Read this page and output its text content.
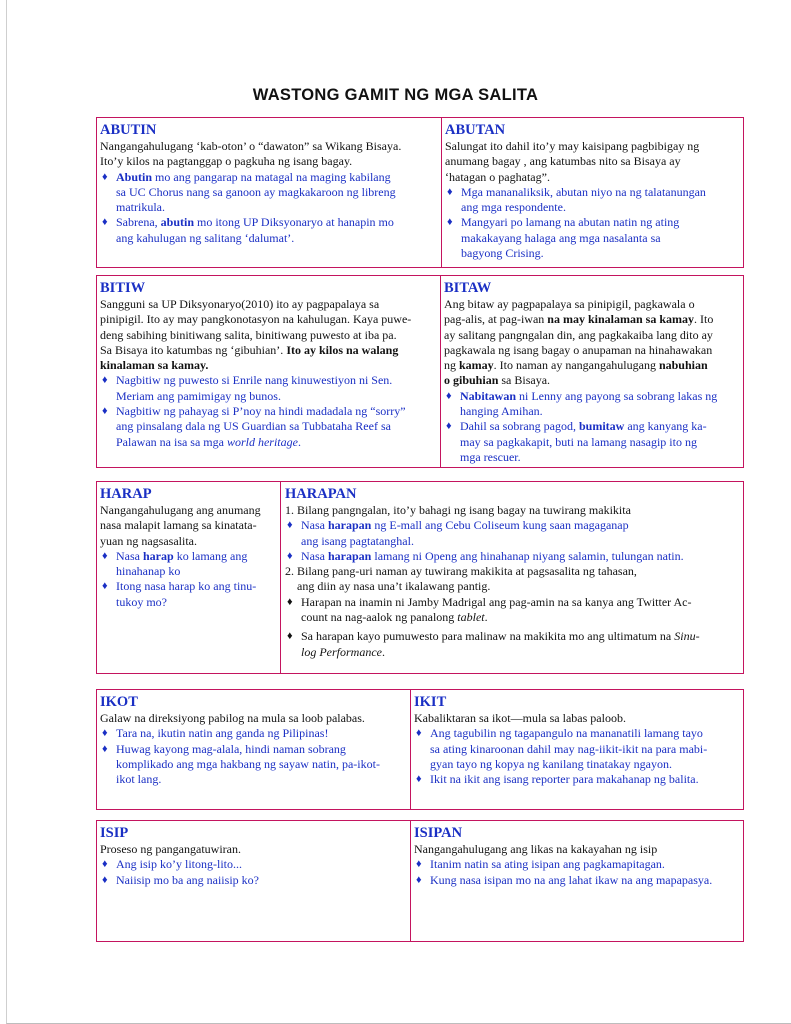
WASTONG GAMIT NG MGA SALITA
ABUTIN
Nangangahulugang ‘kab-oton’ o “dawaton” sa Wikang Bisaya.
Ito’y kilos na pagtanggap o pagkuha ng isang bagay.
♦ Abutin mo ang pangarap na matagal na maging kabilang
sa UC Chorus nang sa ganoon ay magkakaroon ng libreng
matrikula.
♦ Sabrena, abutin mo itong UP Diksyonaryo at hanapin mo
ang kahulugan ng salitang ‘dalumat’.
ABUTAN
Salungat ito dahil ito’y may kaisipang pagbibigay ng
anumang bagay , ang katumbas nito sa Bisaya ay
‘hatagan o paghatag”.
♦ Mga mananaliksik, abutan niyo na ng talatanungan
ang mga respondente.
♦ Mangyari po lamang na abutan natin ng ating
makakayang halaga ang mga nasalanta sa
bagyong Crising.
BITIW
Sangguni sa UP Diksyonaryo(2010) ito ay pagpapalaya sa
pinipigil. Ito ay may pangkonotasyon na kahulugan. Kaya puwe-
deng sabihing binitiwang salita, binitiwang puwesto at iba pa.
Sa Bisaya ito katumbas ng ‘gibuhian’. Ito ay kilos na walang
kinalaman sa kamay.
♦ Nagbitiw ng puwesto si Enrile nang kinuwestiyon ni Sen.
Meriam ang pamimigay ng bunos.
♦ Nagbitiw ng pahayag si P’noy na hindi madadala ng “sorry”
ang pinsalang dala ng US Guardian sa Tubbataha Reef sa
Palawan na isa sa mga world heritage.
BITAW
Ang bitaw ay pagpapalaya sa pinipigil, pagkawala o
pag-alis, at pag-iwan na may kinalaman sa kamay. Ito
ay salitang pangngalan din, ang pagkakaiba lang dito ay
pagkawala ng isang bagay o anupaman na hinahawakan
ng kamay. Ito naman ay nangangahulugang nabuhian
o gibuhian sa Bisaya.
♦ Nabitawan ni Lenny ang payong sa sobrang lakas ng
hanging Amihan.
♦ Dahil sa sobrang pagod, bumitaw ang kanyang ka-
may sa pagkakapit, buti na lamang nasagip ito ng
mga rescuer.
HARAP
Nangangahulugang ang anumang
nasa malapit lamang sa kinatata-
yuan ng nagsasalita.
♦ Nasa harap ko lamang ang
hinahanap ko
♦ Itong nasa harap ko ang tinu-
tukoy mo?
HARAPAN
1. Bilang pangngalan, ito’y bahagi ng isang bagay na tuwirang makikita
♦ Nasa harapan ng E-mall ang Cebu Coliseum kung saan magaganap
ang isang pagtatanghal.
♦ Nasa harapan lamang ni Openg ang hinahanap niyang salamin, tulungan natin.
2. Bilang pang-uri naman ay tuwirang makikita at pagsasalita ng tahasan,
ang diin ay nasa una’t ikalawang pantig.
♦ Harapan na inamin ni Jamby Madrigal ang pag-amin na sa kanya ang Twitter Ac-
count na nag-aalok ng panalong tablet.
♦ Sa harapan kayo pumuwesto para malinaw na makikita mo ang ultimatum na Sinu-
log Performance.
IKOT
Galaw na direksiyong pabilog na mula sa loob palabas.
♦ Tara na, ikutin natin ang ganda ng Pilipinas!
♦ Huwag kayong mag-alala, hindi naman sobrang
komplikado ang mga hakbang ng sayaw natin, pa-ikot-
ikot lang.
IKIT
Kabaliktaran sa ikot—mula sa labas paloob.
♦ Ang tagubilin ng tagapangulo na mananatili lamang tayo
sa ating kinaroonan dahil may nag-iikit-ikit na para mabi-
gyan tayo ng kopya ng kanilang tinatakay ngayon.
♦ Ikit na ikit ang isang reporter para makahanap ng balita.
ISIP
Proseso ng pangangatuwiran.
♦ Ang isip ko’y litong-lito...
♦ Naiisip mo ba ang naiisip ko?
ISIPAN
Nangangahulugang ang likas na kakayahan ng isip
♦ Itanim natin sa ating isipan ang pagkamapitagan.
♦ Kung nasa isipan mo na ang lahat ikaw na ang mapapasya.
